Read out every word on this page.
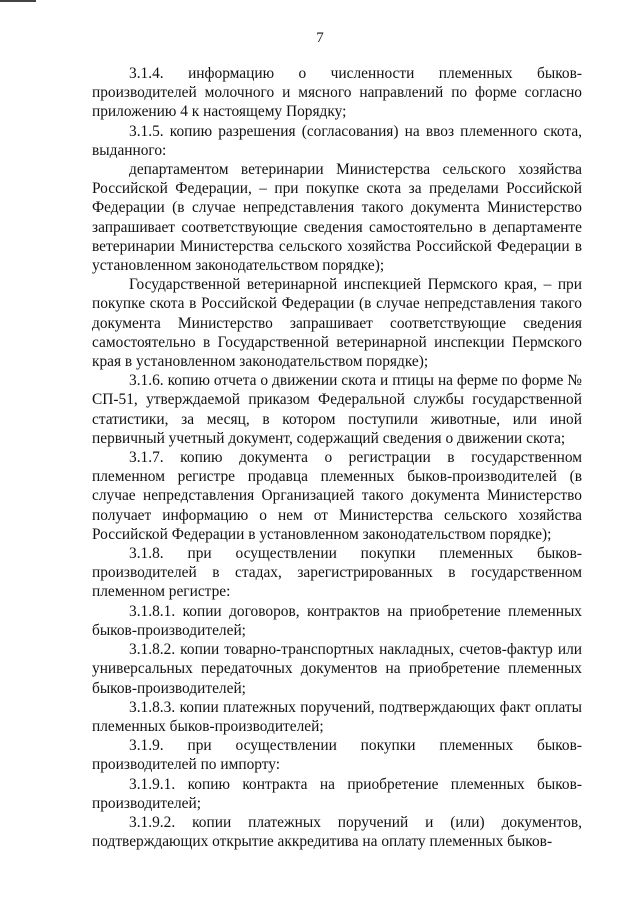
7

3.1.4. информацию о численности племенных быков-производителей молочного и мясного направлений по форме согласно приложению 4 к настоящему Порядку;

3.1.5. копию разрешения (согласования) на ввоз племенного скота, выданного:

департаментом ветеринарии Министерства сельского хозяйства Российской Федерации, – при покупке скота за пределами Российской Федерации (в случае непредставления такого документа Министерство запрашивает соответствующие сведения самостоятельно в департаменте ветеринарии Министерства сельского хозяйства Российской Федерации в установленном законодательством порядке);

Государственной ветеринарной инспекцией Пермского края, – при покупке скота в Российской Федерации (в случае непредставления такого документа Министерство запрашивает соответствующие сведения самостоятельно в Государственной ветеринарной инспекции Пермского края в установленном законодательством порядке);

3.1.6. копию отчета о движении скота и птицы на ферме по форме № СП-51, утверждаемой приказом Федеральной службы государственной статистики, за месяц, в котором поступили животные, или иной первичный учетный документ, содержащий сведения о движении скота;

3.1.7. копию документа о регистрации в государственном племенном регистре продавца племенных быков-производителей (в случае непредставления Организацией такого документа Министерство получает информацию о нем от Министерства сельского хозяйства Российской Федерации в установленном законодательством порядке);

3.1.8. при осуществлении покупки племенных быков-производителей в стадах, зарегистрированных в государственном племенном регистре:

3.1.8.1. копии договоров, контрактов на приобретение племенных быков-производителей;

3.1.8.2. копии товарно-транспортных накладных, счетов-фактур или универсальных передаточных документов на приобретение племенных быков-производителей;

3.1.8.3. копии платежных поручений, подтверждающих факт оплаты племенных быков-производителей;

3.1.9. при осуществлении покупки племенных быков-производителей по импорту:

3.1.9.1. копию контракта на приобретение племенных быков-производителей;

3.1.9.2. копии платежных поручений и (или) документов, подтверждающих открытие аккредитива на оплату племенных быков-
